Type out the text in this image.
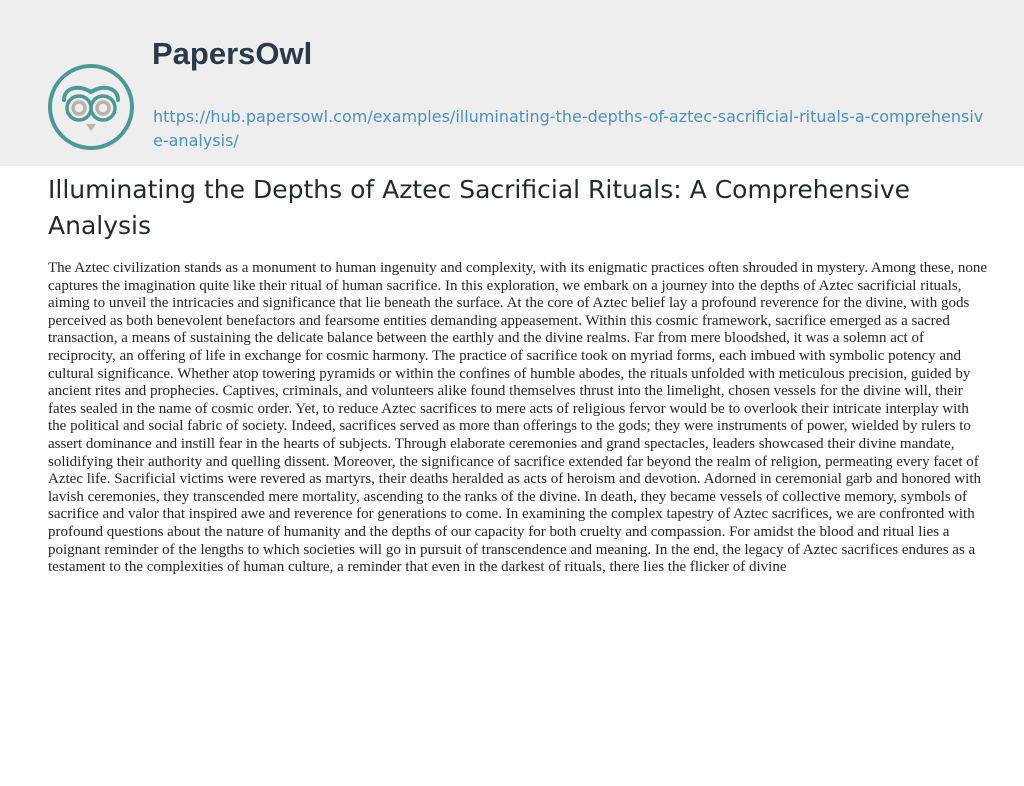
PapersOwl
https://hub.papersowl.com/examples/illuminating-the-depths-of-aztec-sacrificial-rituals-a-comprehensive-analysis/
Illuminating the Depths of Aztec Sacrificial Rituals: A Comprehensive Analysis

The Aztec civilization stands as a monument to human ingenuity and complexity, with its enigmatic practices often shrouded in mystery. Among these, none captures the imagination quite like their ritual of human sacrifice. In this exploration, we embark on a journey into the depths of Aztec sacrificial rituals, aiming to unveil the intricacies and significance that lie beneath the surface. At the core of Aztec belief lay a profound reverence for the divine, with gods perceived as both benevolent benefactors and fearsome entities demanding appeasement. Within this cosmic framework, sacrifice emerged as a sacred transaction, a means of sustaining the delicate balance between the earthly and the divine realms. Far from mere bloodshed, it was a solemn act of reciprocity, an offering of life in exchange for cosmic harmony. The practice of sacrifice took on myriad forms, each imbued with symbolic potency and cultural significance. Whether atop towering pyramids or within the confines of humble abodes, the rituals unfolded with meticulous precision, guided by ancient rites and prophecies. Captives, criminals, and volunteers alike found themselves thrust into the limelight, chosen vessels for the divine will, their fates sealed in the name of cosmic order. Yet, to reduce Aztec sacrifices to mere acts of religious fervor would be to overlook their intricate interplay with the political and social fabric of society. Indeed, sacrifices served as more than offerings to the gods; they were instruments of power, wielded by rulers to assert dominance and instill fear in the hearts of subjects. Through elaborate ceremonies and grand spectacles, leaders showcased their divine mandate, solidifying their authority and quelling dissent. Moreover, the significance of sacrifice extended far beyond the realm of religion, permeating every facet of Aztec life. Sacrificial victims were revered as martyrs, their deaths heralded as acts of heroism and devotion. Adorned in ceremonial garb and honored with lavish ceremonies, they transcended mere mortality, ascending to the ranks of the divine. In death, they became vessels of collective memory, symbols of sacrifice and valor that inspired awe and reverence for generations to come. In examining the complex tapestry of Aztec sacrifices, we are confronted with profound questions about the nature of humanity and the depths of our capacity for both cruelty and compassion. For amidst the blood and ritual lies a poignant reminder of the lengths to which societies will go in pursuit of transcendence and meaning. In the end, the legacy of Aztec sacrifices endures as a testament to the complexities of human culture, a reminder that even in the darkest of rituals, there lies the flicker of divine
